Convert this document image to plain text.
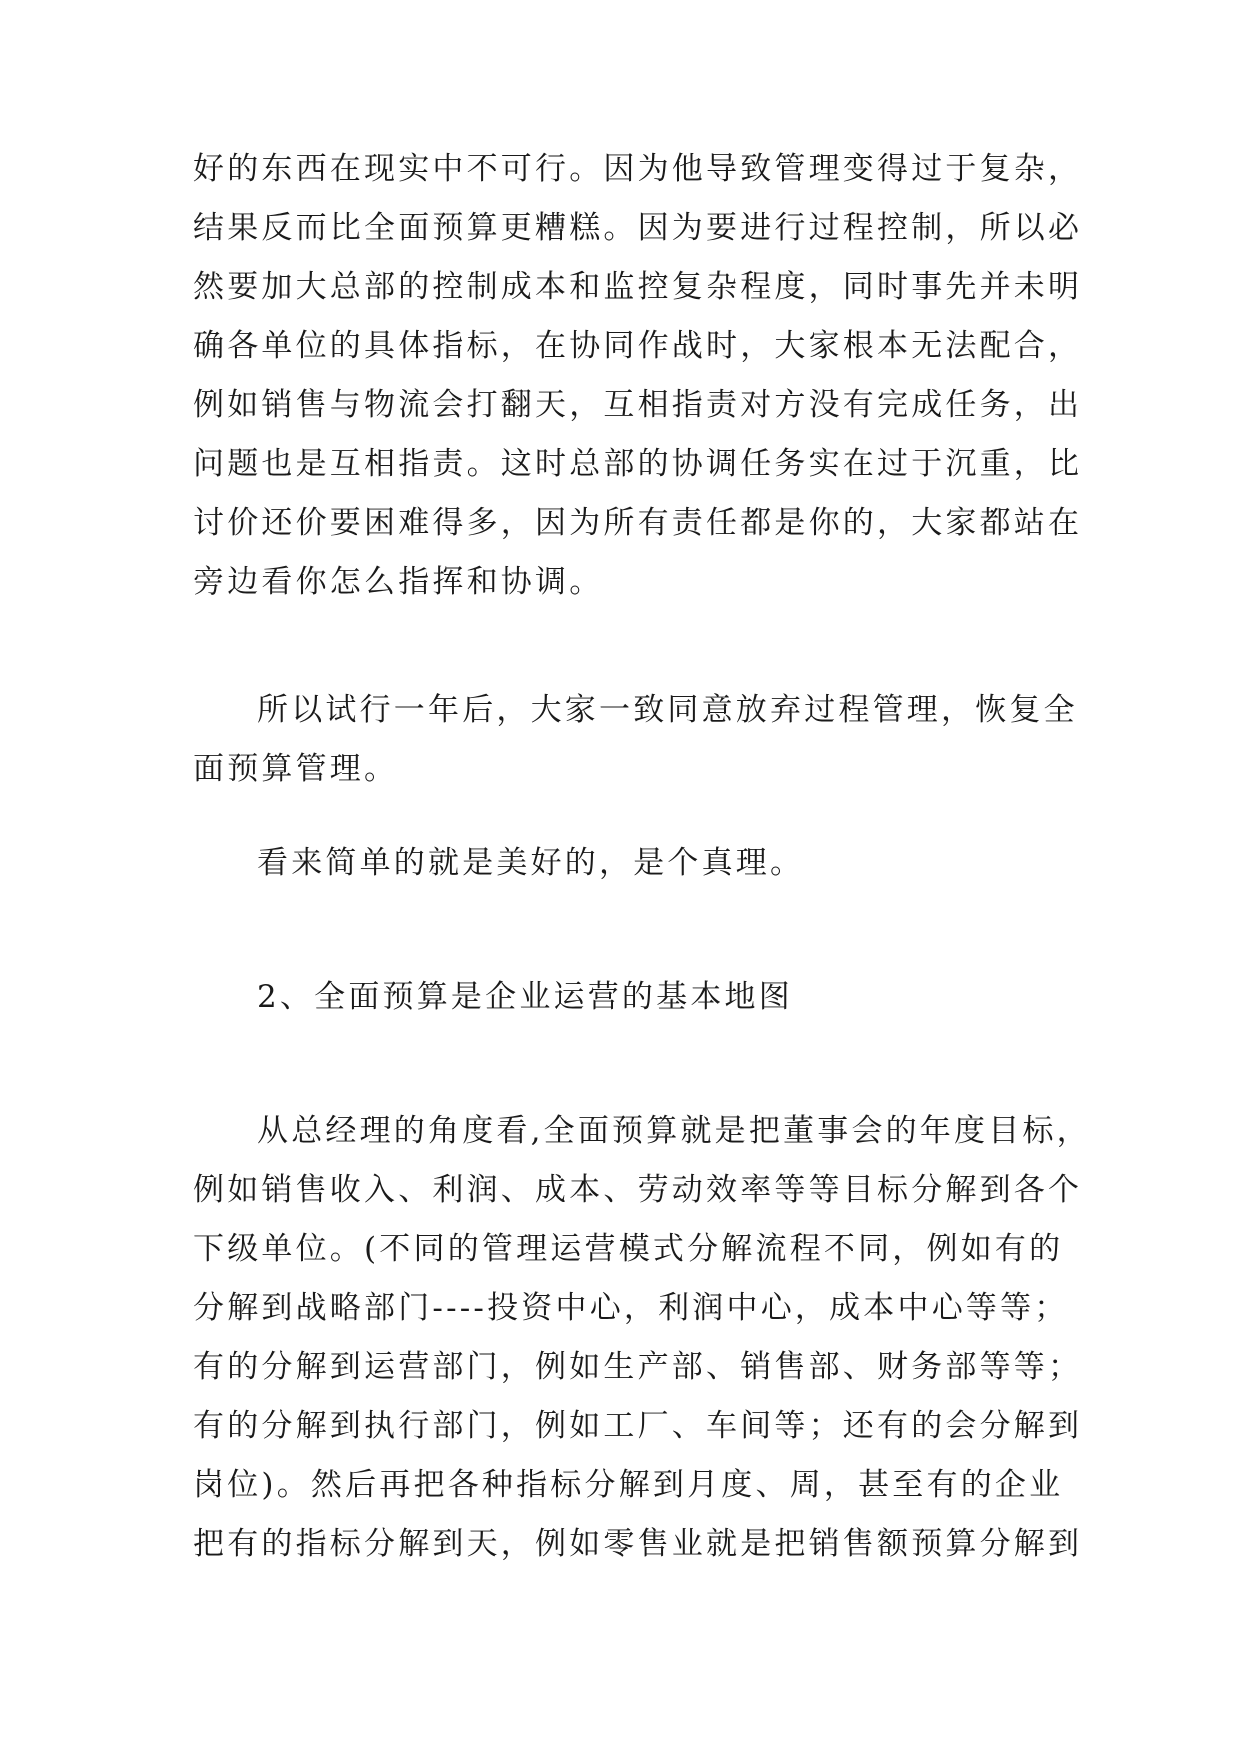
好的东西在现实中不可行。因为他导致管理变得过于复杂，
结果反而比全面预算更糟糕。因为要进行过程控制，所以必
然要加大总部的控制成本和监控复杂程度，同时事先并未明
确各单位的具体指标，在协同作战时，大家根本无法配合，
例如销售与物流会打翻天，互相指责对方没有完成任务，出
问题也是互相指责。这时总部的协调任务实在过于沉重，比
讨价还价要困难得多，因为所有责任都是你的，大家都站在
旁边看你怎么指挥和协调。
所以试行一年后，大家一致同意放弃过程管理，恢复全
面预算管理。
看来简单的就是美好的，是个真理。
2、全面预算是企业运营的基本地图
从总经理的角度看,全面预算就是把董事会的年度目标，
例如销售收入、利润、成本、劳动效率等等目标分解到各个
下级单位。(不同的管理运营模式分解流程不同，例如有的
分解到战略部门----投资中心，利润中心，成本中心等等；
有的分解到运营部门，例如生产部、销售部、财务部等等；
有的分解到执行部门，例如工厂、车间等；还有的会分解到
岗位)。然后再把各种指标分解到月度、周，甚至有的企业
把有的指标分解到天，例如零售业就是把销售额预算分解到
